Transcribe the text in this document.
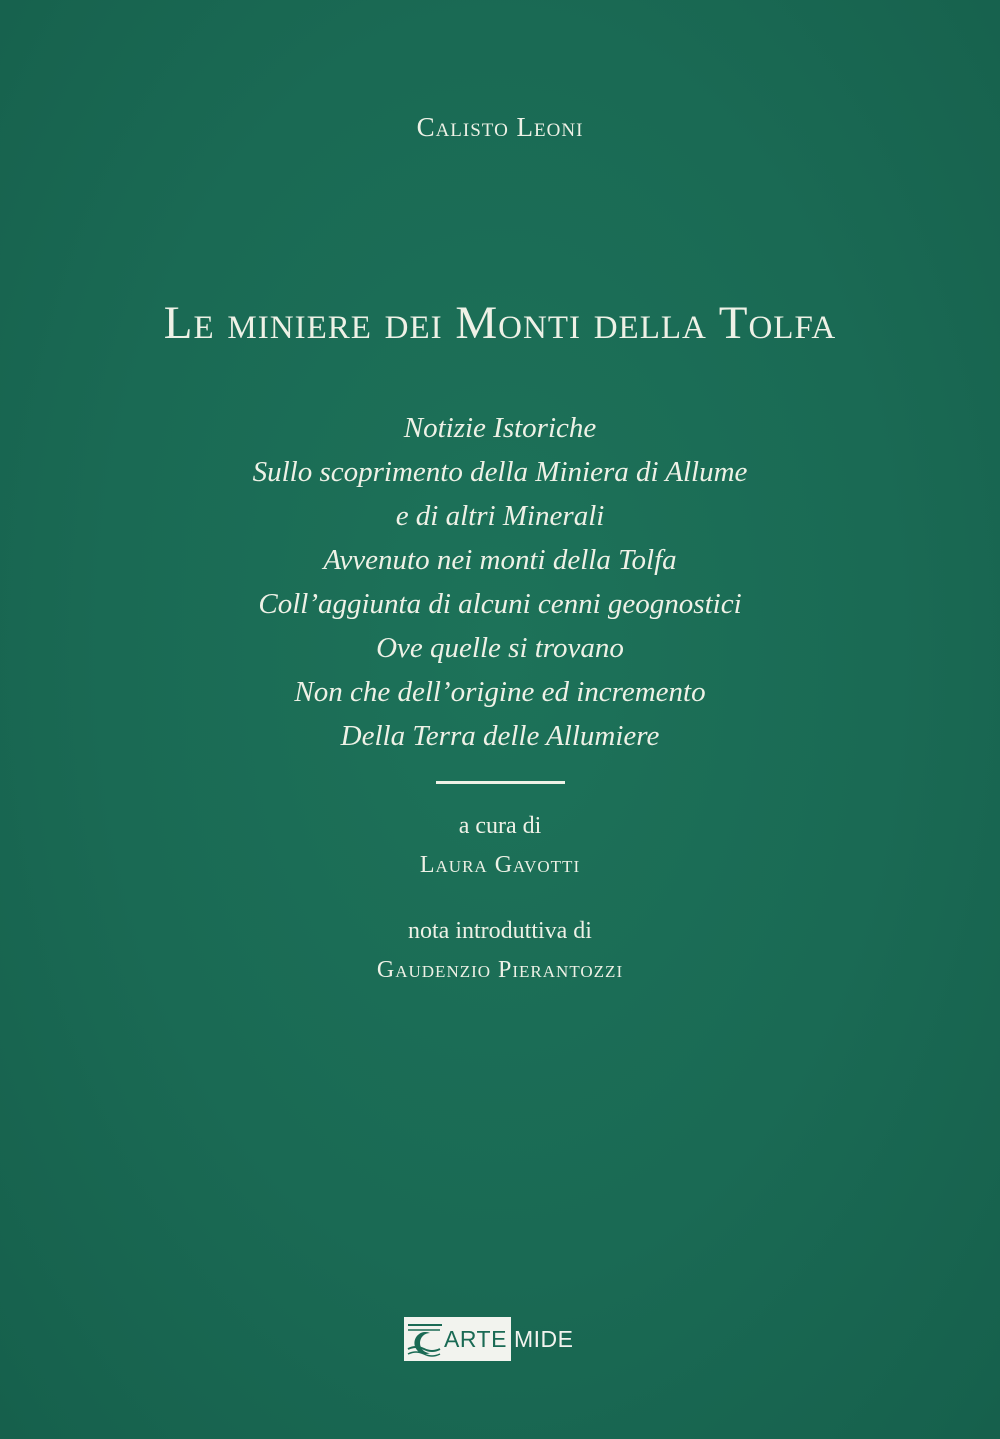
Calisto Leoni
Le miniere dei Monti della Tolfa
Notizie Istoriche
Sullo scoprimento della Miniera di Allume
e di altri Minerali
Avvenuto nei monti della Tolfa
Coll’aggiunta di alcuni cenni geognostici
Ove quelle si trovano
Non che dell’origine ed incremento
Della Terra delle Allumiere
a cura di
Laura Gavotti
nota introduttiva di
Gaudenzio Pierantozzi
ARTE MIDE
